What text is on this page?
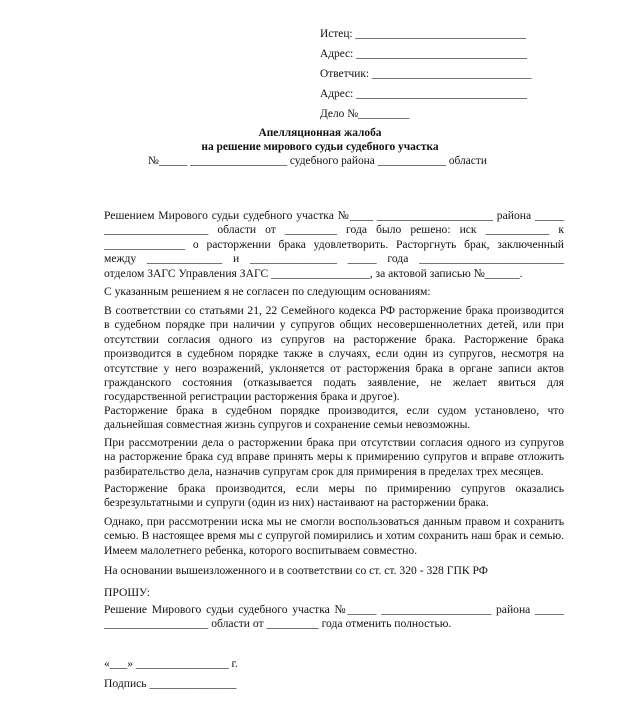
Истец: ______________________________
Адрес: ______________________________
Ответчик: ____________________________
Адрес: ______________________________
Дело №_________
Апелляционная жалоба
на решение мирового судьи судебного участка
№_____ _________________ судебного района ____________ области
Решением Мирового судьи судебного участка №____ ____________________ района _____
__________________ области от _________ года было решено: иск ___________ к
______________ о расторжении брака удовлетворить. Расторгнуть брак, заключенный
между _____________ и _______________ _____ года _________________________
отделом ЗАГС Управления ЗАГС _________________, за актовой записью №______.
С указанным решением я не согласен по следующим основаниям:
В соответствии со статьями 21, 22 Семейного кодекса РФ расторжение брака производится
в судебном порядке при наличии у супругов общих несовершеннолетних детей, или при
отсутствии согласия одного из супругов на расторжение брака. Расторжение брака
производится в судебном порядке также в случаях, если один из супругов, несмотря на
отсутствие у него возражений, уклоняется от расторжения брака в органе записи актов
гражданского состояния (отказывается подать заявление, не желает явиться для
государственной регистрации расторжения брака и другое).
Расторжение брака в судебном порядке производится, если судом установлено, что
дальнейшая совместная жизнь супругов и сохранение семьи невозможны.
При рассмотрении дела о расторжении брака при отсутствии согласия одного из супругов
на расторжение брака суд вправе принять меры к примирению супругов и вправе отложить
разбирательство дела, назначив супругам срок для примирения в пределах трех месяцев.
Расторжение брака производится, если меры по примирению супругов оказались
безрезультатными и супруги (один из них) настаивают на расторжении брака.
Однако, при рассмотрении иска мы не смогли воспользоваться данным правом и сохранить
семью. В настоящее время мы с супругой помирились и хотим сохранить наш брак и семью.
Имеем малолетнего ребенка, которого воспитываем совместно.
На основании вышеизложенного и в соответствии со ст. ст. 320 - 328 ГПК РФ
ПРОШУ:
Решение Мирового судьи судебного участка №_____ ___________________ района _____
__________________ области от _________ года отменить полностью.
«___» ________________ г.
Подпись _______________
